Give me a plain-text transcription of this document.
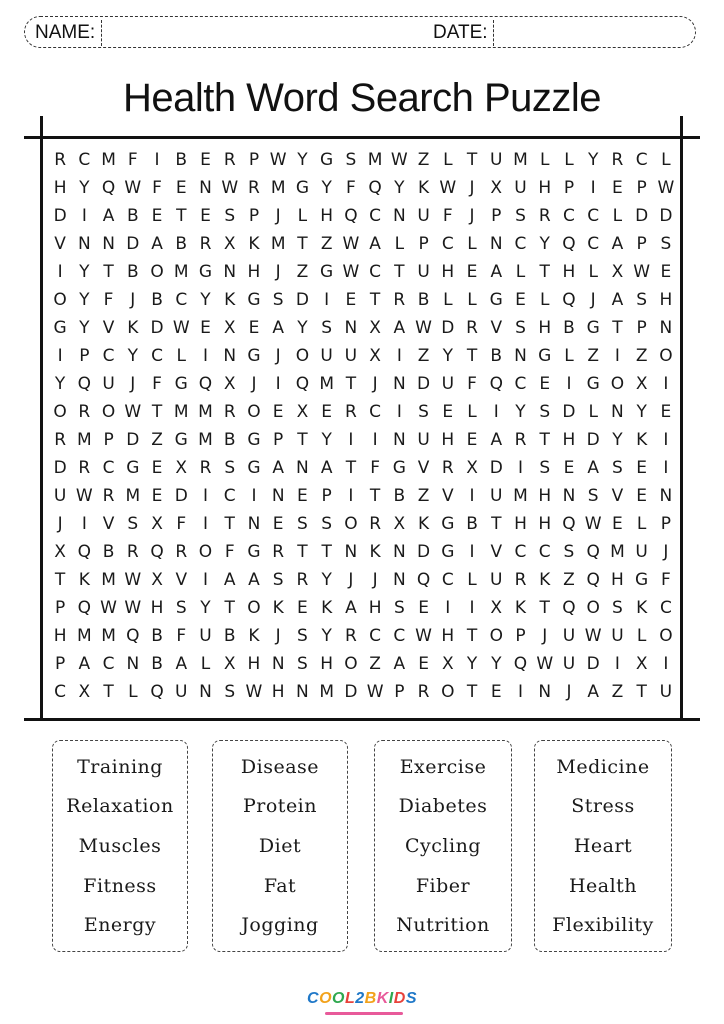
NAME:	DATE:
Health Word Search Puzzle
R C M F I B E R P W Y G S M W Z L T U M L L Y R C L
H Y Q W F E N W R M G Y F Q Y K W J X U H P I E P W
D I A B E T E S P J L H Q C N U F J P S R C C L D D
V N N D A B R X K M T Z W A L P C L N C Y Q C A P S
I Y T B O M G N H J Z G W C T U H E A L T H L X W E
O Y F J B C Y K G S D I E T R B L L G E L Q J A S H
G Y V K D W E X E A Y S N X A W D R V S H B G T P N
I P C Y C L I N G J O U U X I Z Y T B N G L Z I Z O
Y Q U J F G Q X J	I Q M T J N D U F Q C E I G O X I
O R O W T M M R O E X E R C I S E L I Y S D L N Y E
R M P D Z G M B G P T Y I	I N U H E A R T H D Y K I
D R C G E X R S G A N A T F G V R X D I S E A S E I
U W R M E D I C I N E P I T B Z V I U M H N S V E N
J	I V S X F I T N E S S O R X K G B T H H Q W E L P
X Q B R Q R O F G R T T N K N D G I V C C S Q M U J
T K M W X V I A A S R Y J	J N Q C L U R K Z Q H G F
P Q W W H S Y T O K E K A H S E I	I X K T Q O S K C
H M M Q B F U B K J S Y R C C W H T O P J U W U L O
P A C N B A L X H N S H O Z A E X Y Y Q W U D I X I
C X T L Q U N S W H N M D W P R O T E I N J A Z T U
Training
Relaxation
Muscles
Fitness
Energy
Disease
Protein
Diet
Fat
Jogging
Exercise
Diabetes
Cycling
Fiber
Nutrition
Medicine
Stress
Heart
Health
Flexibility
COOL2BKIDS
